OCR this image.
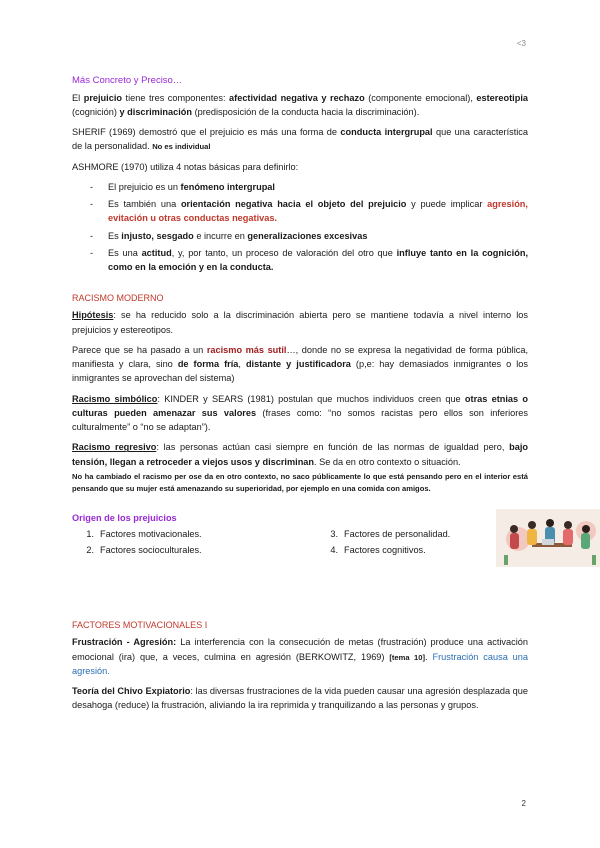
<3
Más Concreto y Preciso…

El prejuicio tiene tres componentes: afectividad negativa y rechazo (componente emocional), estereotipia (cognición) y discriminación (predisposición de la conducta hacia la discriminación).

SHERIF (1969) demostró que el prejuicio es más una forma de conducta intergrupal que una característica de la personalidad. No es individual

ASHMORE (1970) utiliza 4 notas básicas para definirlo:

- El prejuicio es un fenómeno intergrupal
- Es también una orientación negativa hacia el objeto del prejuicio y puede implicar agresión, evitación u otras conductas negativas.
- Es injusto, sesgado e incurre en generalizaciones excesivas
- Es una actitud, y, por tanto, un proceso de valoración del otro que influye tanto en la cognición, como en la emoción y en la conducta.
RACISMO MODERNO

Hipótesis: se ha reducido solo a la discriminación abierta pero se mantiene todavía a nivel interno los prejuicios y estereotipos.

Parece que se ha pasado a un racismo más sutil…, donde no se expresa la negatividad de forma pública, manifiesta y clara, sino de forma fría, distante y justificadora (p,e: hay demasiados inmigrantes o los inmigrantes se aprovechan del sistema)

Racismo simbólico: KINDER y SEARS (1981) postulan que muchos individuos creen que otras etnias o culturas pueden amenazar sus valores (frases como: “no somos racistas pero ellos son inferiores culturalmente” o “no se adaptan”).

Racismo regresivo: las personas actúan casi siempre en función de las normas de igualdad pero, bajo tensión, llegan a retroceder a viejos usos y discriminan. Se da en otro contexto o situación.

No ha cambiado el racismo per ose da en otro contexto, no saco públicamente lo que está pensando pero en el interior está pensando que su mujer está amenazando su superioridad, por ejemplo en una comida con amigos.

Origen de los prejuicios
1. Factores motivacionales.
2. Factores socioculturales.
3. Factores de personalidad.
4. Factores cognitivos.
FACTORES MOTIVACIONALES I

Frustración - Agresión: La interferencia con la consecución de metas (frustración) produce una activación emocional (ira) que, a veces, culmina en agresión (BERKOWITZ, 1969) [tema 10]. Frustración causa una agresión.

Teoría del Chivo Expiatorio: las diversas frustraciones de la vida pueden causar una agresión desplazada que desahoga (reduce) la frustración, aliviando la ira reprimida y tranquilizando a las personas y grupos.

2
